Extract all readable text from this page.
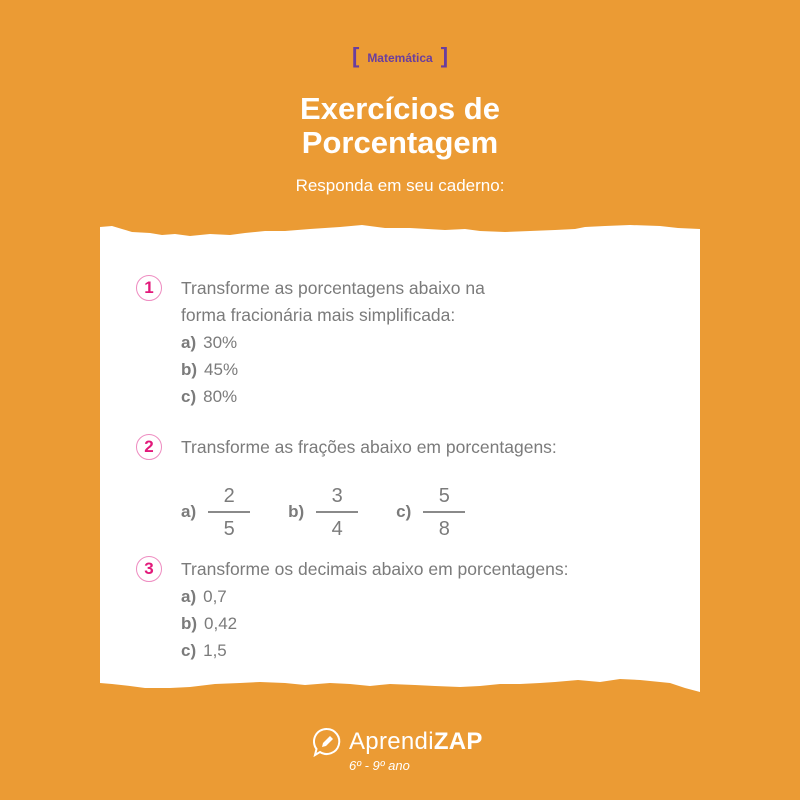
[ Matemática ]
Exercícios de
Porcentagem
Responda em seu caderno:
1	Transforme as porcentagens abaixo na
forma fracionária mais simplificada:
a) 30%
b) 45%
c) 80%
2	Transforme as frações abaixo em porcentagens:
$a) \frac{2}{5} b) \frac{3}{4} c) \frac{5}{8}$
3	Transforme os decimais abaixo em porcentagens:
a) 0,7
b) 0,42
c) 1,5
AprendiZAP
6º - 9º ano
